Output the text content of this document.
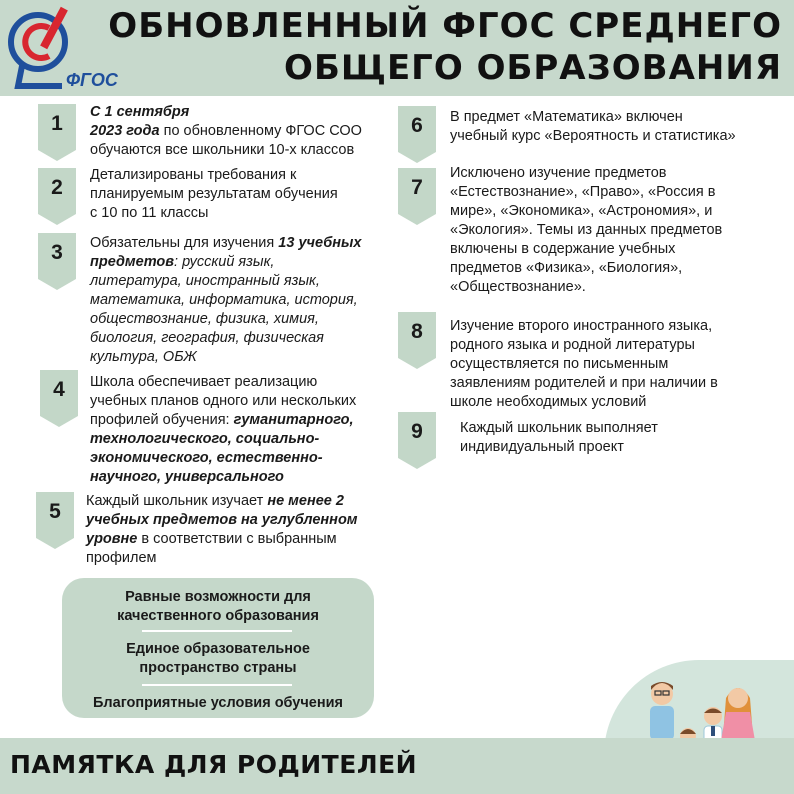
ФГОС
ОБНОВЛЕННЫЙ ФГОС СРЕДНЕГО
ОБЩЕГО ОБРАЗОВАНИЯ
1	С 1 сентября
2023 года по обновленному ФГОС СОО
обучаются все школьники 10-х классов
2
Детализированы требования к
планируемым результатам обучения
с 10 по 11 классы
3	Обязательны для изучения 13 учебных
предметов: русский язык,
литература, иностранный язык,
математика, информатика, история,
обществознание, физика, химия,
биология, география, физическая
культура, ОБЖ
4	Школа обеспечивает реализацию
учебных планов одного или нескольких
профилей обучения: гуманитарного,
технологического, социально-
экономического, естественно-
научного, универсального
5	Каждый школьник изучает не менее 2
учебных предметов на углубленном
уровне в соответствии с выбранным
профилем
6	В предмет «Математика» включен
учебный курс «Вероятность и статистика»
7
Исключено изучение предметов
«Естествознание», «Право», «Россия в
мире», «Экономика», «Астрономия», и
«Экология». Темы из данных предметов
включены в содержание учебных
предметов «Физика», «Биология»,
«Обществознание».
8	Изучение второго иностранного языка,
родного языка и родной литературы
осуществляется по письменным
заявлениям родителей и при наличии в
школе необходимых условий
9	Каждый школьник выполняет
индивидуальный проект
Равные возможности для
качественного образования
Единое образовательное
пространство страны
Благоприятные условия обучения
ПАМЯТКА ДЛЯ РОДИТЕЛЕЙ
